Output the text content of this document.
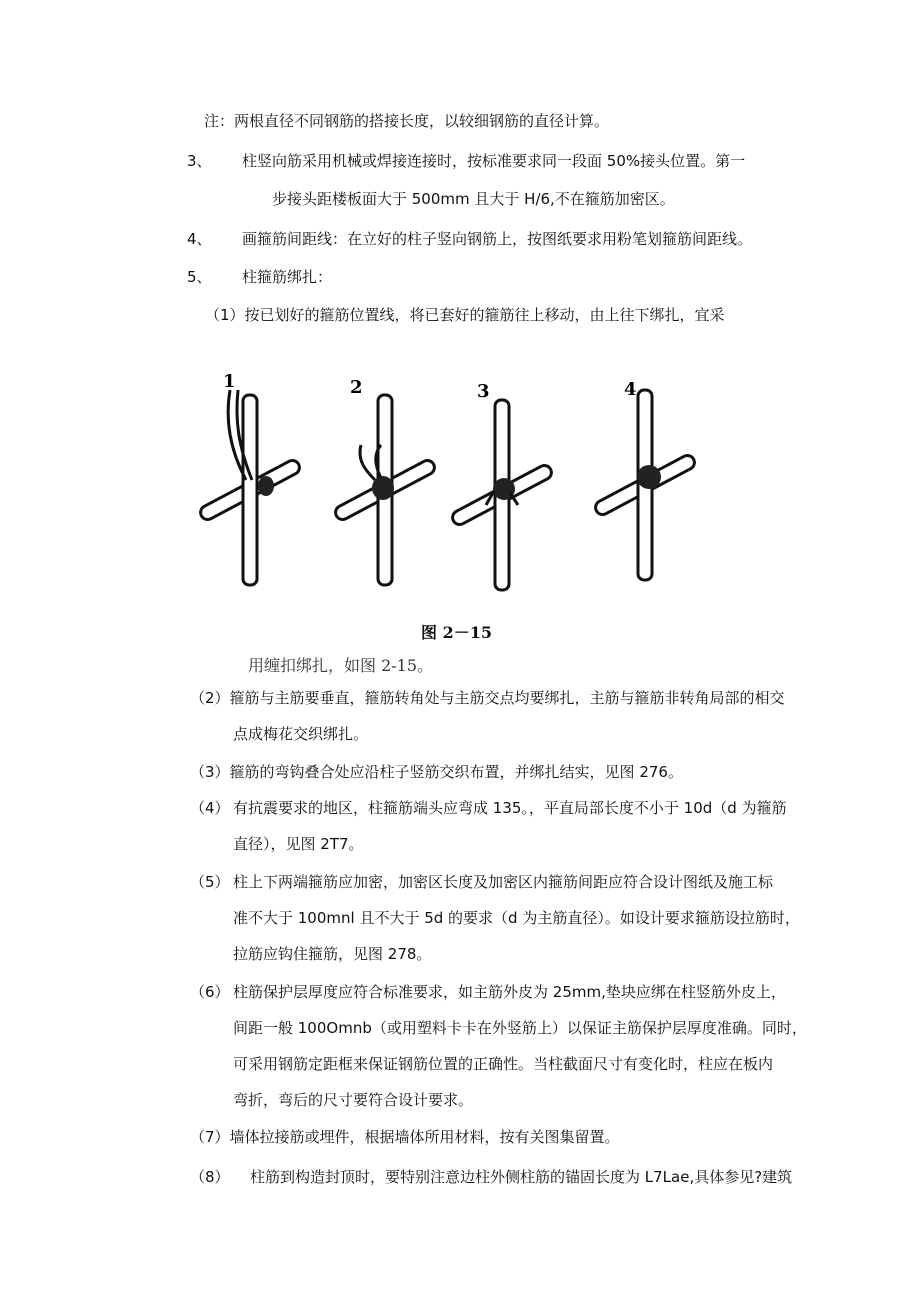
注：两根直径不同钢筋的搭接长度，以较细钢筋的直径计算。
3、 柱竖向筋采用机械或焊接连接时，按标准要求同一段面 50%接头位置。第一
步接头距楼板面大于 500mm 且大于 H/6,不在箍筋加密区。
4、 画箍筋间距线：在立好的柱子竖向钢筋上，按图纸要求用粉笔划箍筋间距线。
5、 柱箍筋绑扎：
（1）按已划好的箍筋位置线，将已套好的箍筋往上移动，由上往下绑扎，宜采
1	2	3	4
图 2－15
用缠扣绑扎，如图 2-15。
（2）箍筋与主筋要垂直，箍筋转角处与主筋交点均要绑扎，主筋与箍筋非转角局部的相交
点成梅花交织绑扎。
（3）箍筋的弯钩叠合处应沿柱子竖筋交织布置，并绑扎结实，见图 276。
（4） 有抗震要求的地区，柱箍筋端头应弯成 135。，平直局部长度不小于 10d（d 为箍筋
直径），见图 2T7。
（5） 柱上下两端箍筋应加密，加密区长度及加密区内箍筋间距应符合设计图纸及施工标
准不大于 100mnl 且不大于 5d 的要求（d 为主筋直径）。如设计要求箍筋设拉筋时，
拉筋应钩住箍筋，见图 278。
（6） 柱筋保护层厚度应符合标准要求，如主筋外皮为 25mm,垫块应绑在柱竖筋外皮上，
间距一般 100Omnb（或用塑料卡卡在外竖筋上）以保证主筋保护层厚度准确。同时，
可采用钢筋定距框来保证钢筋位置的正确性。当柱截面尺寸有变化时，柱应在板内
弯折，弯后的尺寸要符合设计要求。
（7）墙体拉接筋或埋件，根据墙体所用材料，按有关图集留置。
（8） 柱筋到构造封顶时，要特别注意边柱外侧柱筋的锚固长度为 L7Lae,具体参见?建筑
